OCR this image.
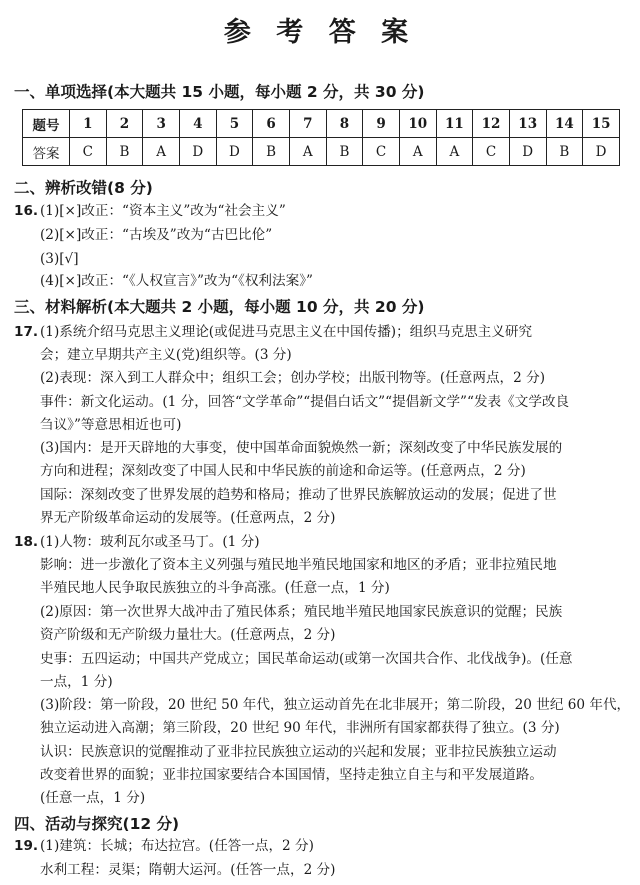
参 考 答 案
一、单项选择(本大题共 15 小题，每小题 2 分，共 30 分)
题号	1	2	3	4	5	6	7	8	9	10	11	12	13	14	15
答案	C	B	A	D	D	B	A	B	C	A	A	C	D	B	D
二、辨析改错(8 分)
16. (1)[×]改正：“资本主义”改为“社会主义”
(2)[×]改正：“古埃及”改为“古巴比伦”
(3)[√]
(4)[×]改正：“《人权宣言》”改为“《权利法案》”
三、材料解析(本大题共 2 小题，每小题 10 分，共 20 分)
17. (1)系统介绍马克思主义理论(或促进马克思主义在中国传播)；组织马克思主义研究
会；建立早期共产主义(党)组织等。(3 分)
(2)表现：深入到工人群众中；组织工会；创办学校；出版刊物等。(任意两点，2 分)
事件：新文化运动。(1 分，回答“文学革命”“提倡白话文”“提倡新文学”“发表《文学改良
刍议》”等意思相近也可)
(3)国内：是开天辟地的大事变，使中国革命面貌焕然一新；深刻改变了中华民族发展的
方向和进程；深刻改变了中国人民和中华民族的前途和命运等。(任意两点，2 分)
国际：深刻改变了世界发展的趋势和格局；推动了世界民族解放运动的发展；促进了世
界无产阶级革命运动的发展等。(任意两点，2 分)
18. (1)人物：玻利瓦尔或圣马丁。(1 分)
影响：进一步激化了资本主义列强与殖民地半殖民地国家和地区的矛盾；亚非拉殖民地
半殖民地人民争取民族独立的斗争高涨。(任意一点，1 分)
(2)原因：第一次世界大战冲击了殖民体系；殖民地半殖民地国家民族意识的觉醒；民族
资产阶级和无产阶级力量壮大。(任意两点，2 分)
史事：五四运动；中国共产党成立；国民革命运动(或第一次国共合作、北伐战争)。(任意
一点，1 分)
(3)阶段：第一阶段，20 世纪 50 年代，独立运动首先在北非展开；第二阶段，20 世纪 60 年代，
独立运动进入高潮；第三阶段，20 世纪 90 年代，非洲所有国家都获得了独立。(3 分)
认识：民族意识的觉醒推动了亚非拉民族独立运动的兴起和发展；亚非拉民族独立运动
改变着世界的面貌；亚非拉国家要结合本国国情，坚持走独立自主与和平发展道路。
(任意一点，1 分)
四、活动与探究(12 分)
19. (1)建筑：长城；布达拉宫。(任答一点，2 分)
水利工程：灵渠；隋朝大运河。(任答一点，2 分)
